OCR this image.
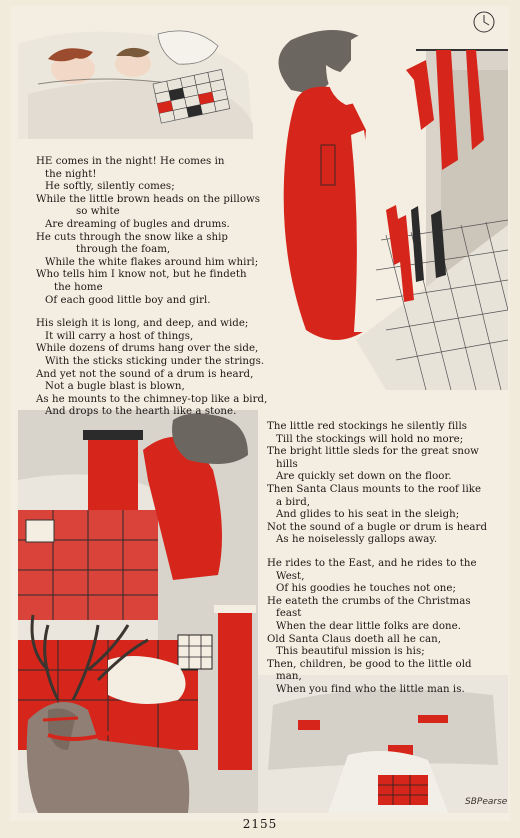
HE comes in the night! He comes in
the night!
He softly, silently comes;
While the little brown heads on the pillows
so white
Are dreaming of bugles and drums.
He cuts through the snow like a ship
through the foam,
While the white flakes around him whirl;
Who tells him I know not, but he findeth
the home
Of each good little boy and girl.
His sleigh it is long, and deep, and wide;
It will carry a host of things,
While dozens of drums hang over the side,
With the sticks sticking under the strings.
And yet not the sound of a drum is heard,
Not a bugle blast is blown,
As he mounts to the chimney-top like a bird,
And drops to the hearth like a stone.
The little red stockings he silently fills
Till the stockings will hold no more;
The bright little sleds for the great snow
hills
Are quickly set down on the floor.
Then Santa Claus mounts to the roof like
a bird,
And glides to his seat in the sleigh;
Not the sound of a bugle or drum is heard
As he noiselessly gallops away.
He rides to the East, and he rides to the
West,
Of his goodies he touches not one;
He eateth the crumbs of the Christmas
feast
When the dear little folks are done.
Old Santa Claus doeth all he can,
This beautiful mission is his;
Then, children, be good to the little old
man,
When you find who the little man is.
SBPearse
2155
